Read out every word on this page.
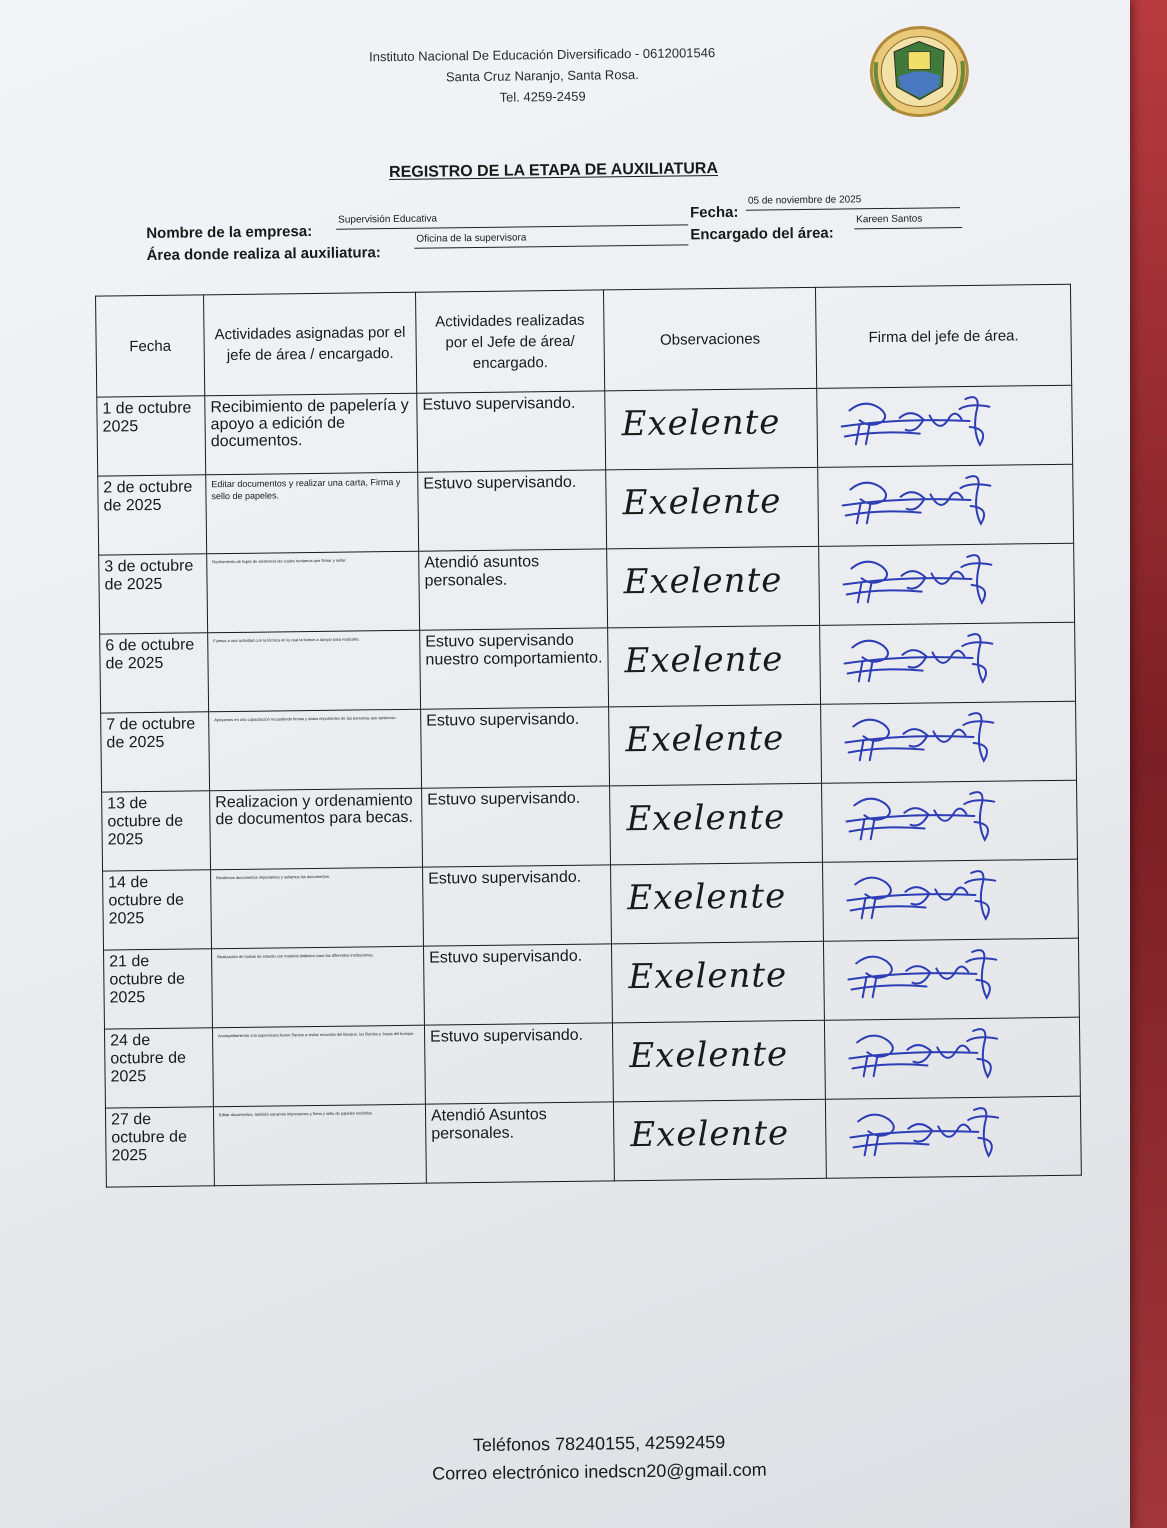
Instituto Nacional De Educación Diversificado - 0612001546
Santa Cruz Naranjo, Santa Rosa.
Tel. 4259-2459
REGISTRO DE LA ETAPA DE AUXILIATURA
Nombre de la empresa:
Supervisión Educativa	Fecha:
05 de noviembre de 2025
Área donde realiza al auxiliatura:
Oficina de la supervisora	Encargado del área:
Kareen Santos
Fecha	Actividades asignadas por el jefe de área / encargado.	Actividades realizadas por el Jefe de área/ encargado.	Observaciones	Firma del jefe de área.
1 de octubre 2025	Recibimiento de papelería y apoyo a edición de documentos.	Estuvo supervisando.	Exelente	

2 de octubre de 2025	Editar documentos y realizar una carta, Firma y sello de papeles.	Estuvo supervisando.	Exelente	

3 de octubre de 2025	Recibimiento de hojas de asistencia las cuales teníamos que firmar y sellar.	Atendió asuntos personales.	Exelente	

6 de octubre de 2025	Fuimos a una actividad con la técnica en la cual la fuimos a apoyar para realizarla.	Estuvo supervisando nuestro comportamiento.	Exelente	

7 de octubre de 2025	Apoyamos en una capacitación recaudando firmas y datos importantes de las personas que asistieron.	Estuvo supervisando.	Exelente	

13 de octubre de 2025	Realizacion y ordenamiento de documentos para becas.	Estuvo supervisando.	Exelente	

14 de octubre de 2025	Recibimos documentos importantes y sellamos los documentos.	Estuvo supervisando.	Exelente	

21 de octubre de 2025	Realización de bolsas de estudio con material didáctico para las diferentes instituciones.	Estuvo supervisando.	Exelente	

24 de octubre de 2025	Acompañamiento a la supervisora Karen Santos a visitar escuelas del Bosque, los Bordos y Joyas del bosque.	Estuvo supervisando.	Exelente	

27 de octubre de 2025	Editar documentos, también sacamos impresiones y firma y sello de papeles recibidos.	Atendió Asuntos personales.	Exelente	
Teléfonos 78240155, 42592459
Correo electrónico inedscn20@gmail.com
